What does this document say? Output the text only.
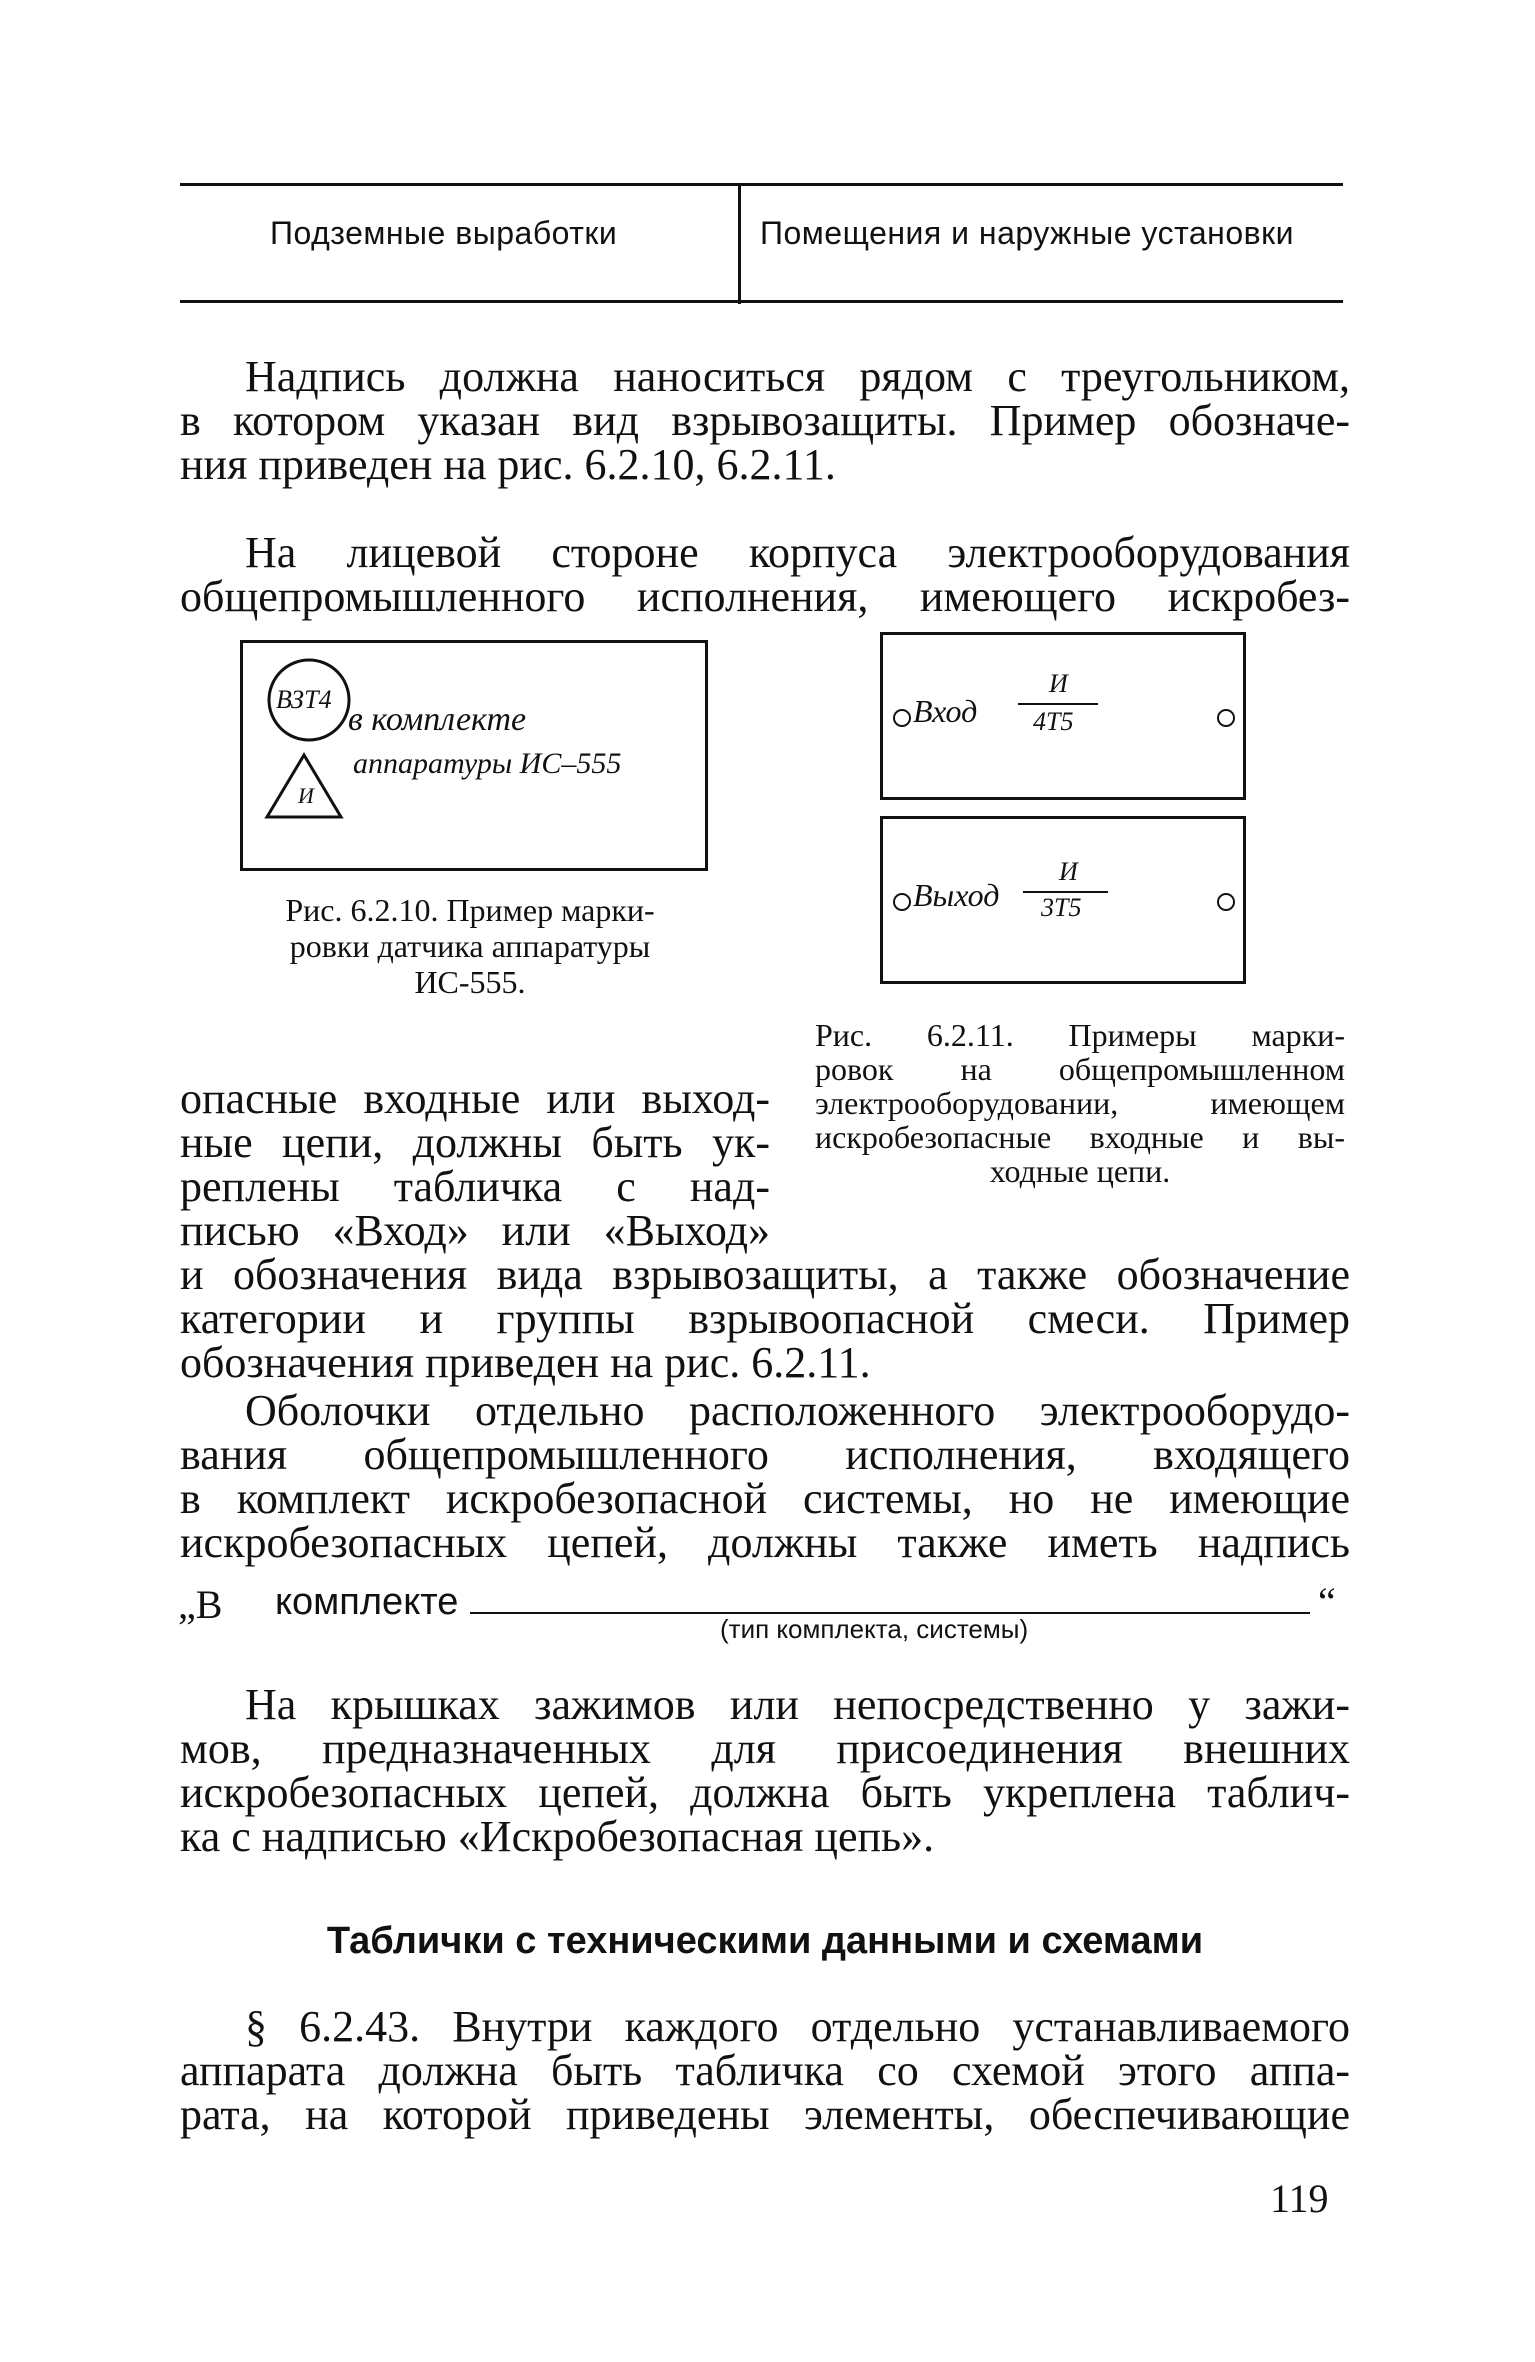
Подземные выработки	Помещения и наружные установки
Надпись должна наноситься рядом с треугольником,
в котором указан вид взрывозащиты. Пример обозначе-
ния приведен на рис. 6.2.10, 6.2.11.
На лицевой стороне корпуса электрооборудования
общепромышленного исполнения, имеющего искробез-
ВЗТ4
И
в комплекте
аппаратуры ИС–555
Рис. 6.2.10. Пример марки-
ровки датчика аппаратуры
ИС-555.
Вход
И
4Т5
Выход
И
3Т5
Рис. 6.2.11. Примеры марки-
ровок на общепромышленном
электрооборудовании, имеющем
искробезопасные входные и вы-
ходные цепи.
опасные входные или выход-
ные цепи, должны быть ук-
реплены табличка с над-
писью «Вход» или «Выход»
и обозначения вида взрывозащиты, а также обозначение
категории и группы взрывоопасной смеси. Пример
обозначения приведен на рис. 6.2.11.
Оболочки отдельно расположенного электрооборудо-
вания общепромышленного исполнения, входящего
в комплект искробезопасной системы, но не имеющие
искробезопасных цепей, должны также иметь надпись
„В комплекте	“
(тип комплекта, системы)
На крышках зажимов или непосредственно у зажи-
мов, предназначенных для присоединения внешних
искробезопасных цепей, должна быть укреплена таблич-
ка с надписью «Искробезопасная цепь».
Таблички с техническими данными и схемами
§ 6.2.43. Внутри каждого отдельно устанавливаемого
аппарата должна быть табличка со схемой этого аппа-
рата, на которой приведены элементы, обеспечивающие
119
